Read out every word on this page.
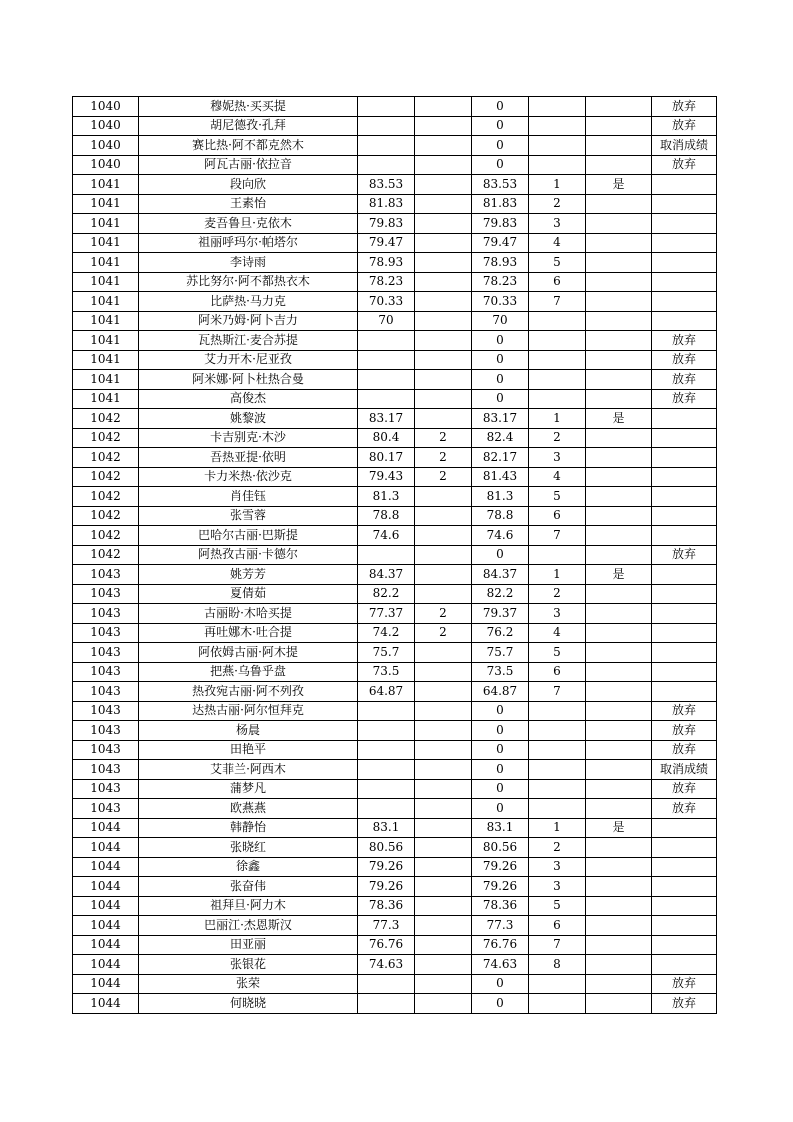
1040	穆妮热·买买提			0			放弃
1040	胡尼德孜·孔拜			0			放弃
1040	赛比热·阿不都克然木			0			取消成绩
1040	阿瓦古丽·依拉音			0			放弃
1041	段向欣	83.53		83.53	1	是	
1041	王素怡	81.83		81.83	2		
1041	麦吾鲁旦·克依木	79.83		79.83	3		
1041	祖丽呼玛尔·帕塔尔	79.47		79.47	4		
1041	李诗雨	78.93		78.93	5		
1041	苏比努尔·阿不都热衣木	78.23		78.23	6		
1041	比萨热·马力克	70.33		70.33	7		
1041	阿米乃姆·阿卜吉力	70		70			
1041	瓦热斯江·麦合苏提			0			放弃
1041	艾力开木·尼亚孜			0			放弃
1041	阿米娜·阿卜杜热合曼			0			放弃
1041	高俊杰			0			放弃
1042	姚黎波	83.17		83.17	1	是	
1042	卡吉别克·木沙	80.4	2	82.4	2		
1042	吾热亚提·依明	80.17	2	82.17	3		
1042	卡力米热·依沙克	79.43	2	81.43	4		
1042	肖佳钰	81.3		81.3	5		
1042	张雪蓉	78.8		78.8	6		
1042	巴哈尔古丽·巴斯提	74.6		74.6	7		
1042	阿热孜古丽·卡德尔			0			放弃
1043	姚芳芳	84.37		84.37	1	是	
1043	夏倩茹	82.2		82.2	2		
1043	古丽盼·木哈买提	77.37	2	79.37	3		
1043	再吐娜木·吐合提	74.2	2	76.2	4		
1043	阿依姆古丽·阿木提	75.7		75.7	5		
1043	把燕·乌鲁乎盘	73.5		73.5	6		
1043	热孜宛古丽·阿不列孜	64.87		64.87	7		
1043	达热古丽·阿尔恒拜克			0			放弃
1043	杨晨			0			放弃
1043	田艳平			0			放弃
1043	艾菲兰·阿西木			0			取消成绩
1043	蒲梦凡			0			放弃
1043	欧燕燕			0			放弃
1044	韩静怡	83.1		83.1	1	是	
1044	张晓红	80.56		80.56	2		
1044	徐鑫	79.26		79.26	3		
1044	张奋伟	79.26		79.26	3		
1044	祖拜旦·阿力木	78.36		78.36	5		
1044	巴丽江·杰恩斯汉	77.3		77.3	6		
1044	田亚丽	76.76		76.76	7		
1044	张银花	74.63		74.63	8		
1044	张荣			0			放弃
1044	何晓晓			0			放弃
